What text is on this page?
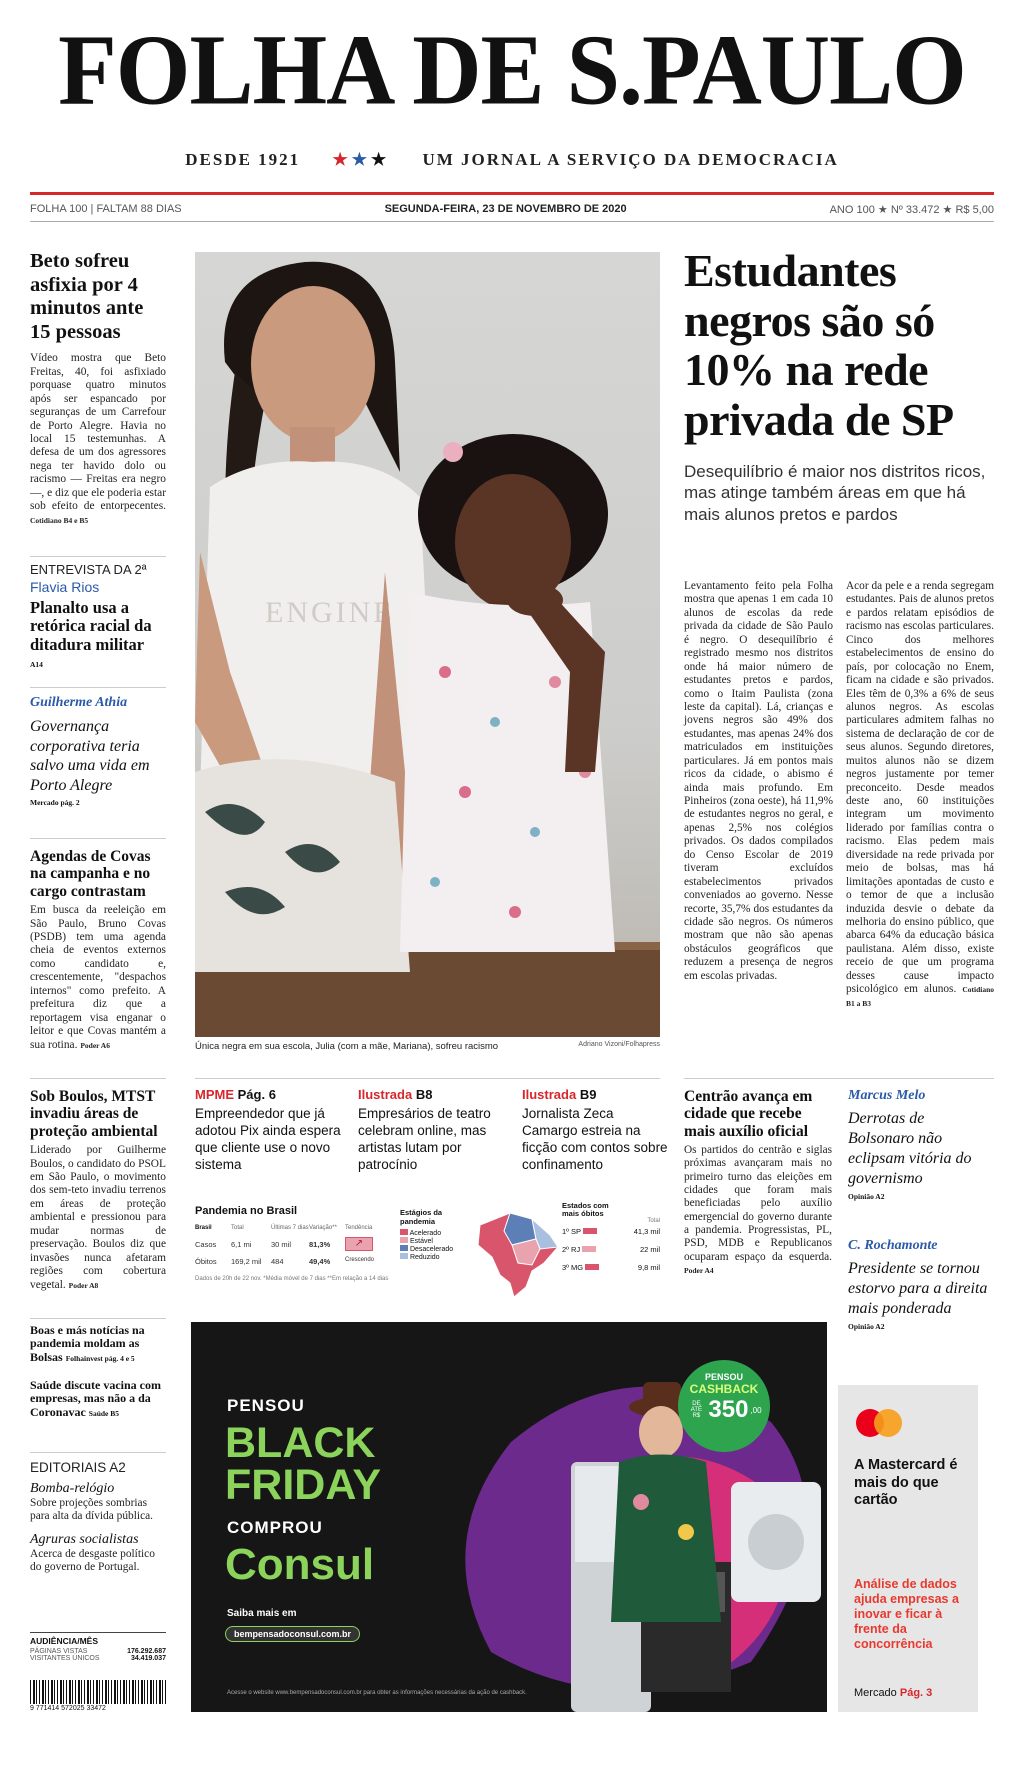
FOLHA DE S.PAULO
DESDE 1921 ★★★ UM JORNAL A SERVIÇO DA DEMOCRACIA
FOLHA 100 | FALTAM 88 DIAS	SEGUNDA-FEIRA, 23 DE NOVEMBRO DE 2020	ANO 100 ★ Nº 33.472 ★ R$ 5,00
Beto sofreu asfixia por 4 minutos ante 15 pessoas
Vídeo mostra que Beto Freitas, 40, foi asfixiado porquase quatro minutos após ser espancado por seguranças de um Carrefour de Porto Alegre. Havia no local 15 testemunhas. A defesa de um dos agressores nega ter havido dolo ou racismo — Freitas era negro —, e diz que ele poderia estar sob efeito de entorpecentes. Cotidiano B4 e B5
ENTREVISTA DA 2ª
Flavia Rios
Planalto usa a retórica racial da ditadura militar
A14
Guilherme Athia
Governança corporativa teria salvo uma vida em Porto Alegre
Mercado pág. 2
Agendas de Covas na campanha e no cargo contrastam
Em busca da reeleição em São Paulo, Bruno Covas (PSDB) tem uma agenda cheia de eventos externos como candidato e, crescentemente, "despachos internos" como prefeito. A prefeitura diz que a reportagem visa enganar o leitor e que Covas mantém a sua rotina. Poder A6
Sob Boulos, MTST invadiu áreas de proteção ambiental
Liderado por Guilherme Boulos, o candidato do PSOL em São Paulo, o movimento dos sem-teto invadiu terrenos em áreas de proteção ambiental e pressionou para mudar normas de preservação. Boulos diz que invasões nunca afetaram regiões com cobertura vegetal. Poder A8
Boas e más notícias na pandemia moldam as Bolsas Folhainvest pág. 4 e 5
Saúde discute vacina com empresas, mas não a da Coronavac Saúde B5
EDITORIAIS A2
Bomba-relógio
Sobre projeções sombrias para alta da dívida pública.
Agruras socialistas
Acerca de desgaste político do governo de Portugal.
AUDIÊNCIA/MÊS
PÁGINAS VISTAS	176.292.687
VISITANTES ÚNICOS	34.419.037
9 771414 572025 33472
ENGINE
Única negra em sua escola, Julia (com a mãe, Mariana), sofreu racismo	Adriano Vizoni/Folhapress
Estudantes negros são só 10% na rede privada de SP
Desequilíbrio é maior nos distritos ricos, mas atinge também áreas em que há mais alunos pretos e pardos
Levantamento feito pela Folha mostra que apenas 1 em cada 10 alunos de escolas da rede privada da cidade de São Paulo é negro. O desequilíbrio é registrado mesmo nos distritos onde há maior número de estudantes pretos e pardos, como o Itaim Paulista (zona leste da capital). Lá, crianças e jovens negros são 49% dos estudantes, mas apenas 24% dos matriculados em instituições particulares. Já em pontos mais ricos da cidade, o abismo é ainda mais profundo. Em Pinheiros (zona oeste), há 11,9% de estudantes negros no geral, e apenas 2,5% nos colégios privados. Os dados compilados do Censo Escolar de 2019 tiveram excluídos estabelecimentos privados conveniados ao governo. Nesse recorte, 35,7% dos estudantes da cidade são negros. Os números mostram que não são apenas obstáculos geográficos que reduzem a presença de negros em escolas privadas.
Acor da pele e a renda segregam estudantes. Pais de alunos pretos e pardos relatam episódios de racismo nas escolas particulares. Cinco dos melhores estabelecimentos de ensino do país, por colocação no Enem, ficam na cidade e são privados. Eles têm de 0,3% a 6% de seus alunos negros. As escolas particulares admitem falhas no sistema de declaração de cor de seus alunos. Segundo diretores, muitos alunos não se dizem negros justamente por temer preconceito. Desde meados deste ano, 60 instituições integram um movimento liderado por famílias contra o racismo. Elas pedem mais diversidade na rede privada por meio de bolsas, mas há limitações apontadas de custo e o temor de que a inclusão induzida desvie o debate da melhoria do ensino público, que abarca 64% da educação básica paulistana. Além disso, existe receio de que um programa desses cause impacto psicológico em alunos. Cotidiano B1 a B3
MPME Pág. 6
Empreendedor que já adotou Pix ainda espera que cliente use o novo sistema
Ilustrada B8
Empresários de teatro celebram online, mas artistas lutam por patrocínio
Ilustrada B9
Jornalista Zeca Camargo estreia na ficção com contos sobre confinamento
Pandemia no Brasil
Brasil	Total	Últimas 7 dias Variação**	Tendência
Casos	6,1 mi	30 mil	81,3%	↗
Óbitos	169,2 mil	484	49,4%	Crescendo
Dados de 20h de 22 nov. *Média móvel de 7 dias **Em relação a 14 dias
Estágios da pandemia
Acelerado
Estável
Desacelerado
Reduzido
Estados com mais óbitos
Total
1º SP	41,3 mil
2º RJ	22 mil
3º MG	9,8 mil
Centrão avança em cidade que recebe mais auxílio oficial
Os partidos do centrão e siglas próximas avançaram mais no primeiro turno das eleições em cidades que foram mais beneficiadas pelo auxílio emergencial do governo durante a pandemia. Progressistas, PL, PSD, MDB e Republicanos ocuparam espaço da esquerda. Poder A4
Marcus Melo
Derrotas de Bolsonaro não eclipsam vitória do governismo
Opinião A2
C. Rochamonte
Presidente se tornou estorvo para a direita mais ponderada
Opinião A2
PENSOU
BLACK
FRIDAY
COMPROU
Consul
Saiba mais em
bempensadoconsul.com.br
Acesse o website www.bempensadoconsul.com.br para obter as informações necessárias da ação de cashback.
PENSOU
CASHBACK
DE ATÉ R$ 350 ,00
A Mastercard é mais do que cartão
Análise de dados ajuda empresas a inovar e ficar à frente da concorrência
Mercado Pág. 3
